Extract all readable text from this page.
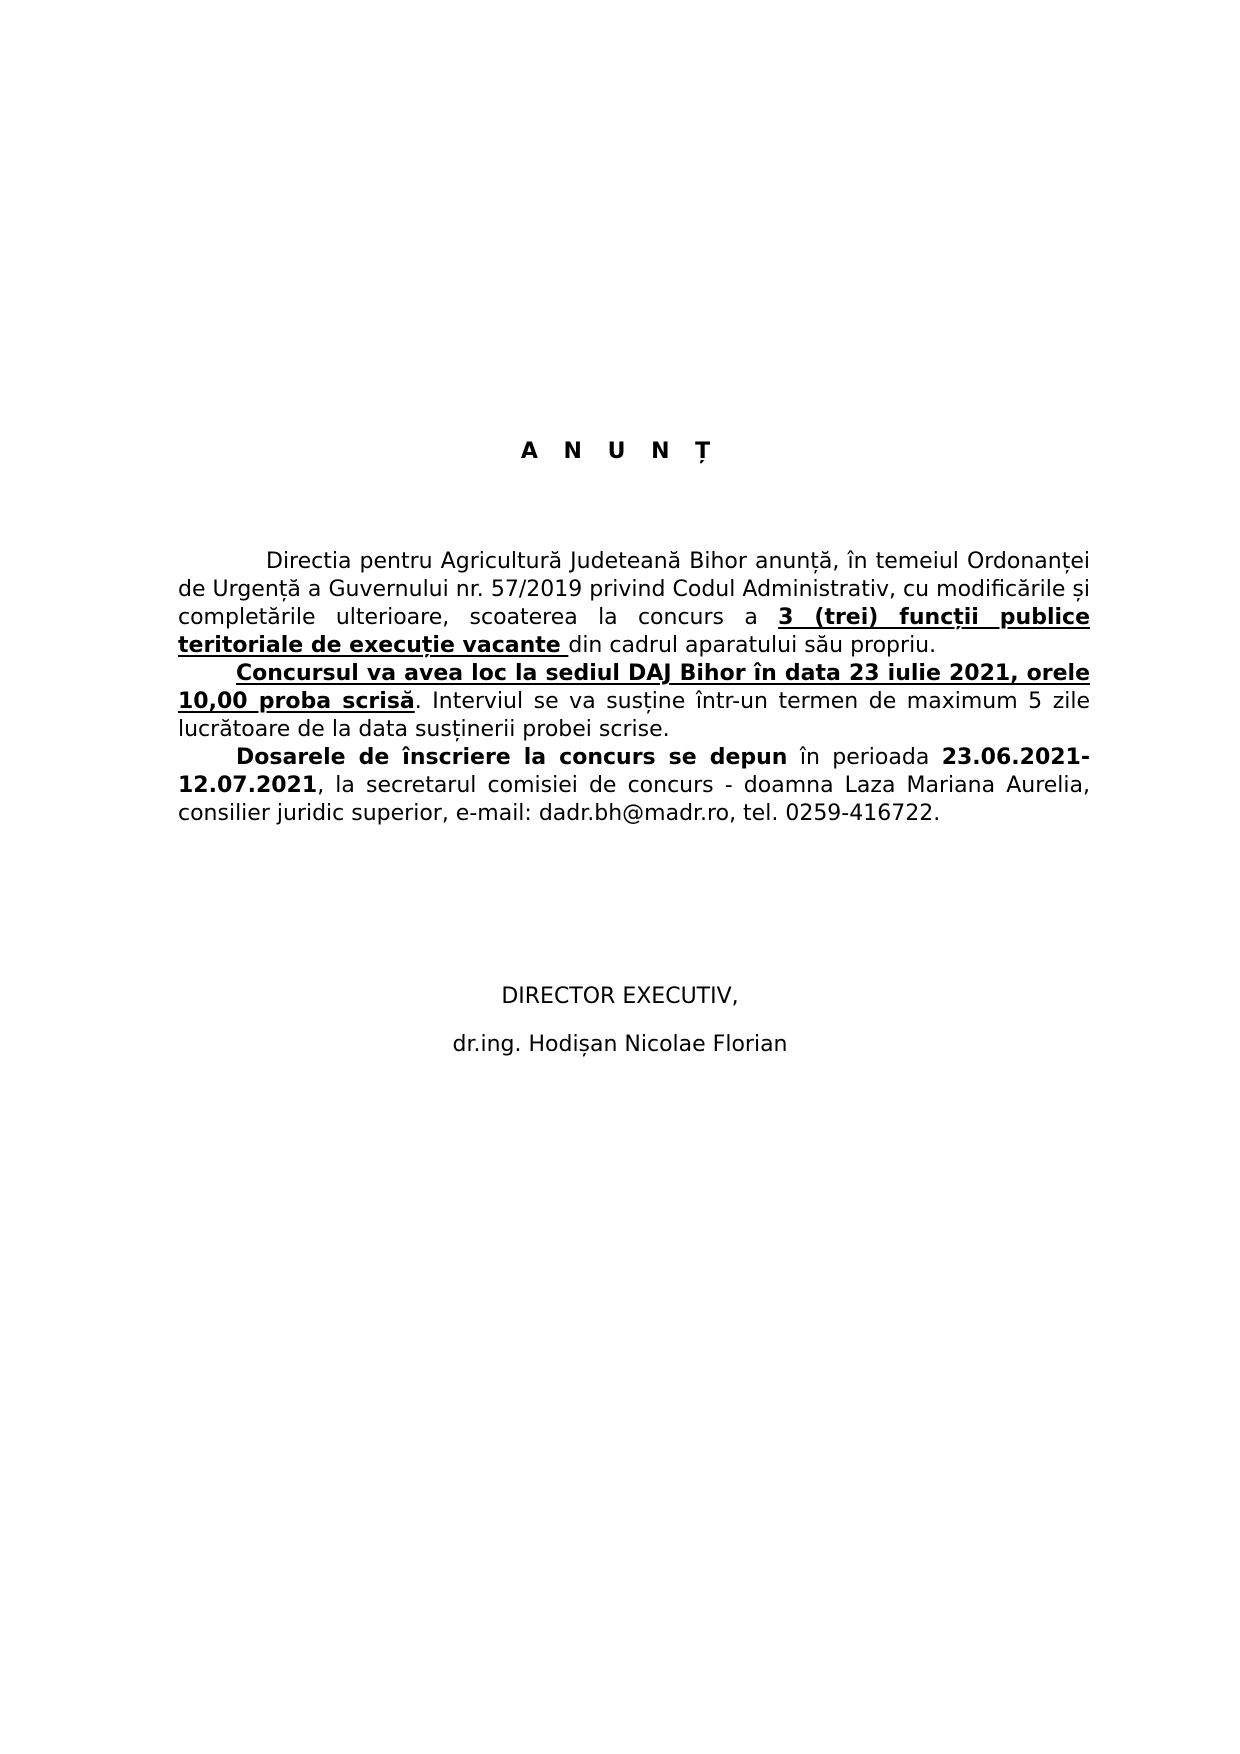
A N U N Ț

Directia pentru Agricultură Judeteană Bihor anunță, în temeiul Ordonanței de Urgență a Guvernului nr. 57/2019 privind Codul Administrativ, cu modificările și completările ulterioare, scoaterea la concurs a 3 (trei) funcții publice teritoriale de execuție vacante din cadrul aparatului său propriu.

Concursul va avea loc la sediul DAJ Bihor în data 23 iulie 2021, orele 10,00 proba scrisă. Interviul se va susține într-un termen de maximum 5 zile lucrătoare de la data susținerii probei scrise.

Dosarele de înscriere la concurs se depun în perioada 23.06.2021-12.07.2021, la secretarul comisiei de concurs - doamna Laza Mariana Aurelia, consilier juridic superior, e-mail: dadr.bh@madr.ro, tel. 0259-416722.

DIRECTOR EXECUTIV,
dr.ing. Hodișan Nicolae Florian
